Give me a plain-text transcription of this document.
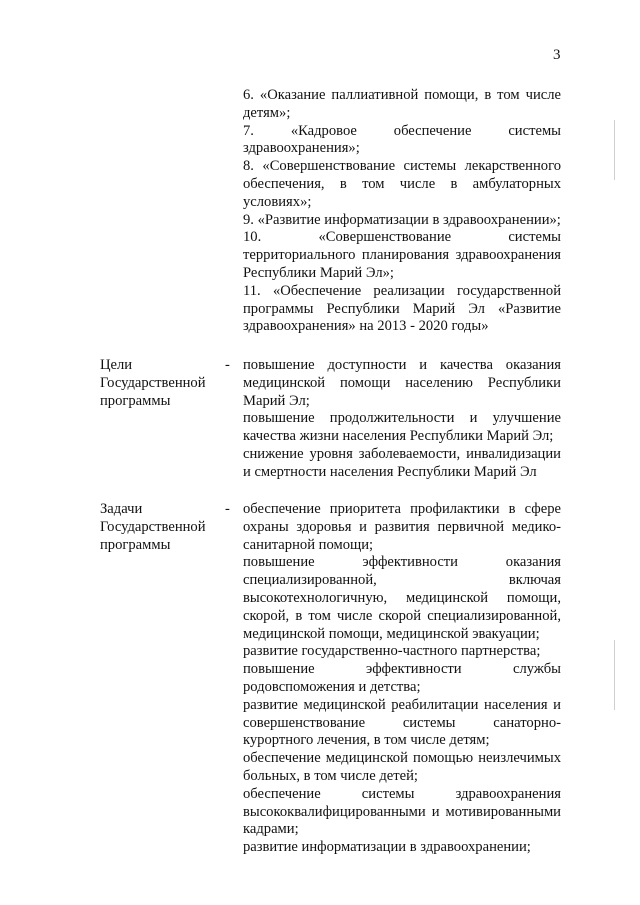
3

6. «Оказание паллиативной помощи, в том числе детям»;

7. «Кадровое обеспечение системы здравоохранения»;

8. «Совершенствование системы лекарственного обеспечения, в том числе в амбулаторных условиях»;

9. «Развитие информатизации в здравоохранении»;

10. «Совершенствование системы территориального планирования здравоохранения Республики Марий Эл»;

11. «Обеспечение реализации государственной программы Республики Марий Эл «Развитие здравоохранения» на 2013 - 2020 годы»

Цели Государственной программы
- повышение доступности и качества оказания медицинской помощи населению Республики Марий Эл;

повышение продолжительности и улучшение качества жизни населения Республики Марий Эл;

снижение уровня заболеваемости, инвалидизации и смертности населения Республики Марий Эл

Задачи Государственной программы
- обеспечение приоритета профилактики в сфере охраны здоровья и развития первичной медико-санитарной помощи;

повышение эффективности оказания специализированной, включая высокотехнологичную, медицинской помощи, скорой, в том числе скорой специализированной, медицинской помощи, медицинской эвакуации;

развитие государственно-частного партнерства;

повышение эффективности службы родовспоможения и детства;

развитие медицинской реабилитации населения и совершенствование системы санаторно-курортного лечения, в том числе детям;

обеспечение медицинской помощью неизлечимых больных, в том числе детей;

обеспечение системы здравоохранения высококвалифицированными и мотивированными кадрами;

развитие информатизации в здравоохранении;
